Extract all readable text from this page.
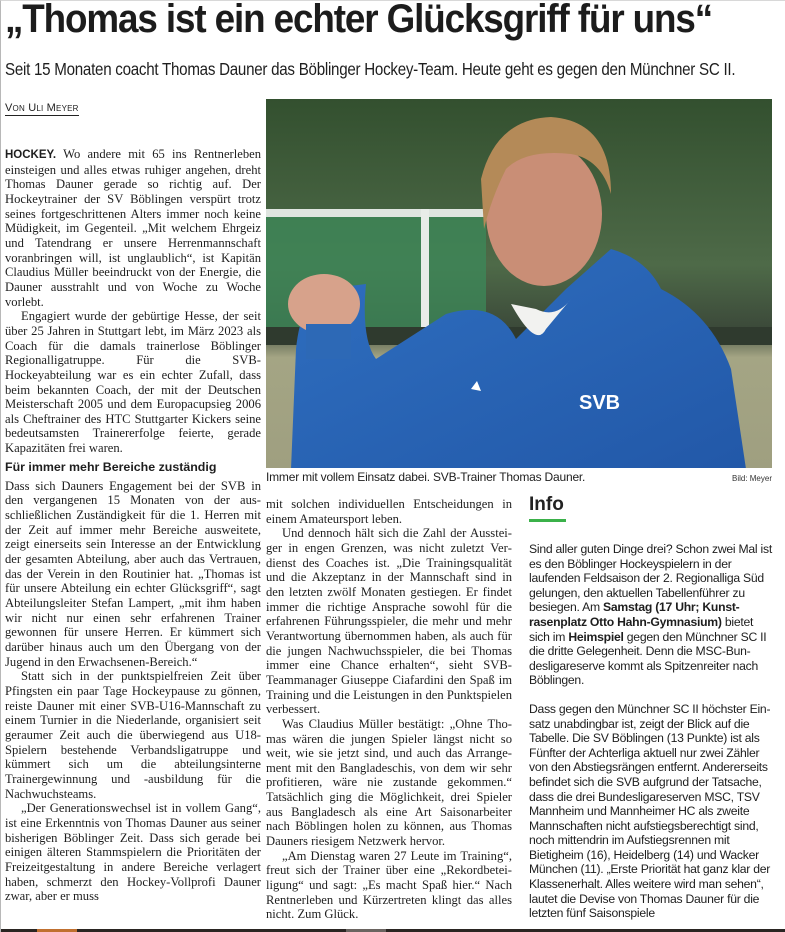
„Thomas ist ein echter Glücksgriff für uns“
Seit 15 Monaten coacht Thomas Dauner das Böblinger Hockey-Team. Heute geht es gegen den Münchner SC II.
Von Uli Meyer

HOCKEY. Wo andere mit 65 ins Rentnerleben einsteigen und alles etwas ruhiger angehen, dreht Thomas Dauner gerade so richtig auf. Der Hockeytrainer der SV Böblingen verspürt trotz seines fortgeschrittenen Alters immer noch keine Müdigkeit, im Gegenteil. „Mit welchem Ehrgeiz und Tatendrang er unsere Herrenmannschaft voranbringen will, ist unglaublich“, ist Kapitän Claudius Müller beeindruckt von der Energie, die Dauner ausstrahlt und von Woche zu Woche vorlebt.

Engagiert wurde der gebürtige Hesse, der seit über 25 Jahren in Stuttgart lebt, im März 2023 als Coach für die damals trainerlose Böblinger Regionalligatruppe. Für die SVB-Hockeyabteilung war es ein echter Zufall, dass beim bekannten Coach, der mit der Deutschen Meisterschaft 2005 und dem Europacupsieg 2006 als Cheftrainer des HTC Stuttgarter Kickers seine bedeutsamsten Trainererfolge feierte, gerade Kapazitäten frei waren.

Für immer mehr Bereiche zuständig

Dass sich Dauners Engagement bei der SVB in den vergangenen 15 Monaten von der ausschließlichen Zuständigkeit für die 1. Herren mit der Zeit auf immer mehr Bereiche ausweitete, zeigt einerseits sein Interesse an der Entwicklung der gesamten Abteilung, aber auch das Vertrauen, das der Verein in den Routinier hat. „Thomas ist für unsere Abteilung ein echter Glücksgriff“, sagt Abteilungsleiter Stefan Lampert, „mit ihm haben wir nicht nur einen sehr erfahrenen Trainer gewonnen für unsere Herren. Er kümmert sich darüber hinaus auch um den Übergang von der Jugend in den Erwachsenen-Bereich.“

Statt sich in der punktspielfreien Zeit über Pfingsten ein paar Tage Hockeypause zu gönnen, reiste Dauner mit einer SVB-U16-Mannschaft zu einem Turnier in die Niederlande, organisiert seit geraumer Zeit auch die überwiegend aus U18-Spielern bestehende Verbandsligatruppe und kümmert sich um die abteilungsinterne Trainergewinnung und -ausbildung für die Nachwuchsteams.

„Der Generationswechsel ist in vollem Gang“, ist eine Erkenntnis von Thomas Dauner aus seiner bisherigen Böblinger Zeit. Dass sich gerade bei einigen älteren Stammspielern die Prioritäten der Freizeitgestaltung in andere Bereiche verlagert haben, schmerzt den Hockey-Vollprofi Dauner zwar, aber er muss

SVB
Immer mit vollem Einsatz dabei. SVB-Trainer Thomas Dauner.	Bild: Meyer

mit solchen individuellen Entscheidungen in einem Amateursport leben.

Und dennoch hält sich die Zahl der Aussteiger in engen Grenzen, was nicht zuletzt Verdienst des Coaches ist. „Die Trainingsqualität und die Akzeptanz in der Mannschaft sind in den letzten zwölf Monaten gestiegen. Er findet immer die richtige Ansprache sowohl für die erfahrenen Führungsspieler, die mehr und mehr Verantwortung übernommen haben, als auch für die jungen Nachwuchsspieler, die bei Thomas immer eine Chance erhalten“, sieht SVB-Teammanager Giuseppe Ciafardini den Spaß im Training und die Leistungen in den Punktspielen verbessert.

Was Claudius Müller bestätigt: „Ohne Thomas wären die jungen Spieler längst nicht so weit, wie sie jetzt sind, und auch das Arrangement mit den Bangladeschis, von dem wir sehr profitieren, wäre nie zustande gekommen.“ Tatsächlich ging die Möglichkeit, drei Spieler aus Bangladesch als eine Art Saisonarbeiter nach Böblingen holen zu können, aus Thomas Dauners riesigem Netzwerk hervor.

„Am Dienstag waren 27 Leute im Training“, freut sich der Trainer über eine „Rekordbeteiligung“ und sagt: „Es macht Spaß hier.“ Nach Rentnerleben und Kürzertreten klingt das alles nicht. Zum Glück.

Info

Sind aller guten Dinge drei? Schon zwei Mal ist es den Böblinger Hockeyspielern in der laufenden Feldsaison der 2. Regionalliga Süd gelungen, den aktuellen Tabellenführer zu besiegen. Am Samstag (17 Uhr; Kunstrasenplatz Otto Hahn-Gymnasium) bietet sich im Heimspiel gegen den Münchner SC II die dritte Gelegenheit. Denn die MSC-Bundesligareserve kommt als Spitzenreiter nach Böblingen.

Dass gegen den Münchner SC II höchster Einsatz unabdingbar ist, zeigt der Blick auf die Tabelle. Die SV Böblingen (13 Punkte) ist als Fünfter der Achterliga aktuell nur zwei Zähler von den Abstiegsrängen entfernt. Andererseits befindet sich die SVB aufgrund der Tatsache, dass die drei Bundesligareserven MSC, TSV Mannheim und Mannheimer HC als zweite Mannschaften nicht aufstiegsberechtigt sind, noch mittendrin im Aufstiegsrennen mit Bietigheim (16), Heidelberg (14) und Wacker München (11). „Erste Priorität hat ganz klar der Klassenerhalt. Alles weitere wird man sehen“, lautet die Devise von Thomas Dauner für die letzten fünf Saisonspiele
